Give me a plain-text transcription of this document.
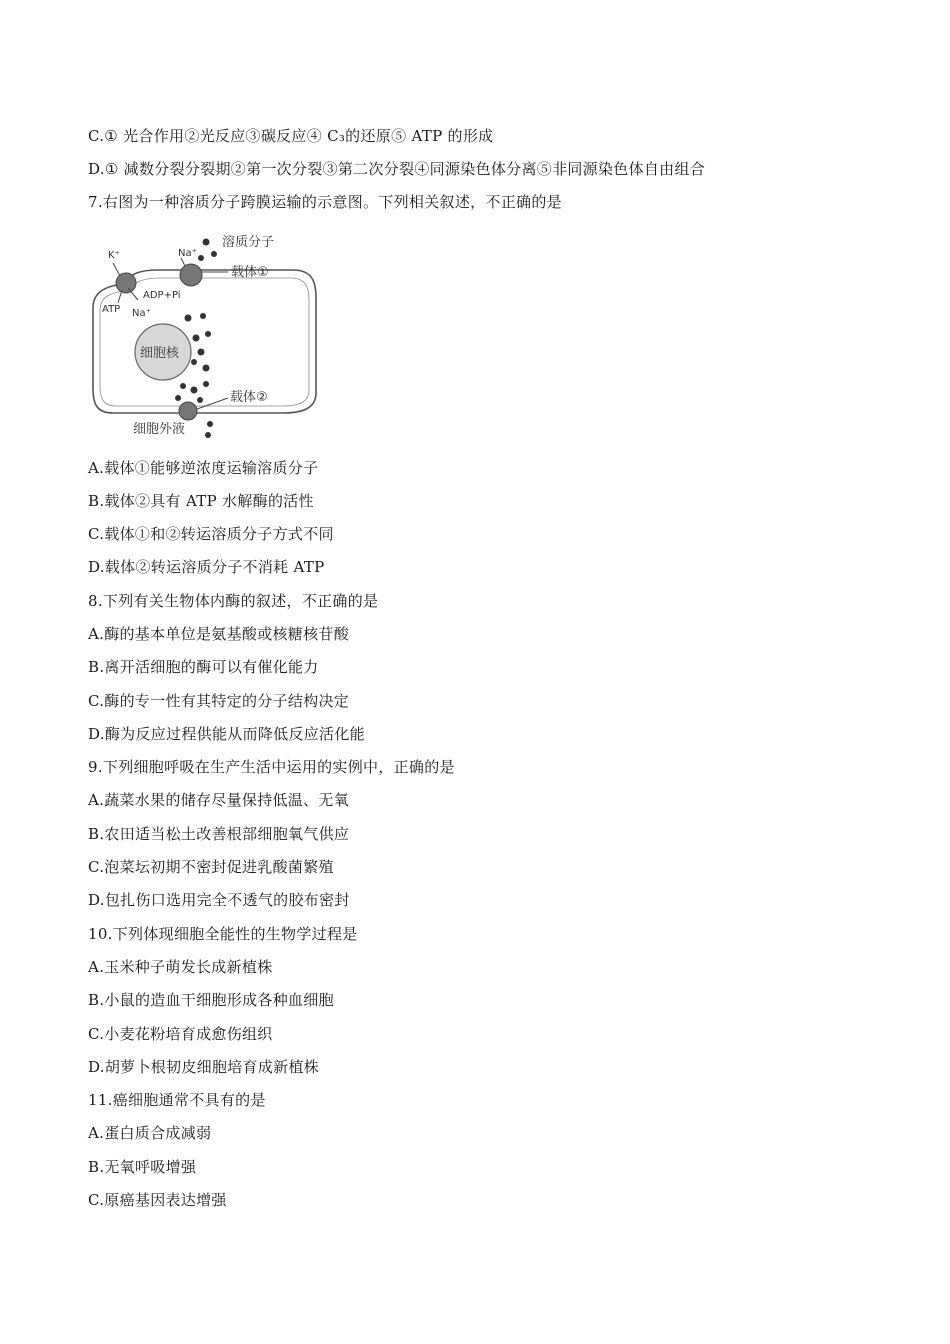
C.① 光合作用②光反应③碳反应④ C₃的还原⑤ ATP 的形成
D.① 减数分裂分裂期②第一次分裂③第二次分裂④同源染色体分离⑤非同源染色体自由组合
7.右图为一种溶质分子跨膜运输的示意图。下列相关叙述，不正确的是
细胞核
K⁺
ADP+Pi
ATP Na⁺
Na⁺
载体①
溶质分子
载体②
细胞外液
A.载体①能够逆浓度运输溶质分子
B.载体②具有 ATP 水解酶的活性
C.载体①和②转运溶质分子方式不同
D.载体②转运溶质分子不消耗 ATP
8.下列有关生物体内酶的叙述，不正确的是
A.酶的基本单位是氨基酸或核糖核苷酸
B.离开活细胞的酶可以有催化能力
C.酶的专一性有其特定的分子结构决定
D.酶为反应过程供能从而降低反应活化能
9.下列细胞呼吸在生产生活中运用的实例中，正确的是
A.蔬菜水果的储存尽量保持低温、无氧
B.农田适当松土改善根部细胞氧气供应
C.泡菜坛初期不密封促进乳酸菌繁殖
D.包扎伤口选用完全不透气的胶布密封
10.下列体现细胞全能性的生物学过程是
A.玉米种子萌发长成新植株
B.小鼠的造血干细胞形成各种血细胞
C.小麦花粉培育成愈伤组织
D.胡萝卜根韧皮细胞培育成新植株
11.癌细胞通常不具有的是
A.蛋白质合成减弱
B.无氧呼吸增强
C.原癌基因表达增强
